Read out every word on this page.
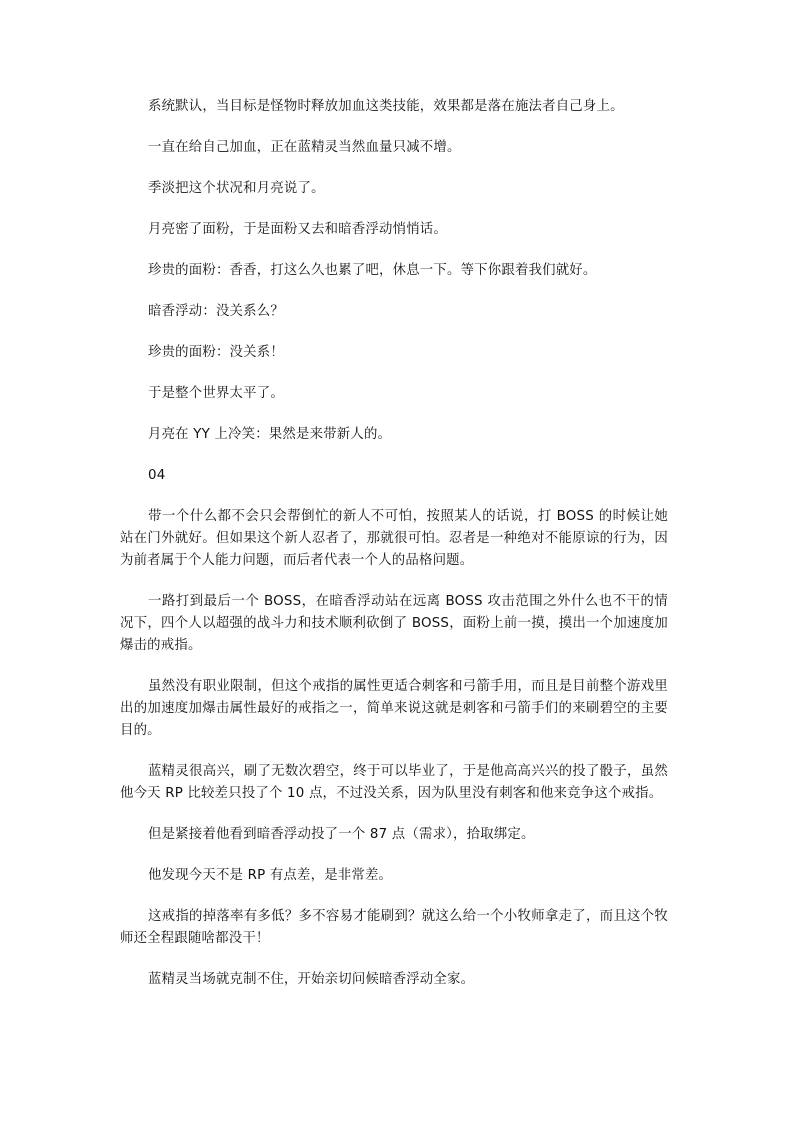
系统默认，当目标是怪物时释放加血这类技能，效果都是落在施法者自己身上。

一直在给自己加血，正在蓝精灵当然血量只减不增。

季淡把这个状况和月亮说了。

月亮密了面粉，于是面粉又去和暗香浮动悄悄话。

珍贵的面粉：香香，打这么久也累了吧，休息一下。等下你跟着我们就好。

暗香浮动：没关系么？

珍贵的面粉：没关系！

于是整个世界太平了。

月亮在 YY 上冷笑：果然是来带新人的。

04

带一个什么都不会只会帮倒忙的新人不可怕，按照某人的话说，打 BOSS 的时候让她站在门外就好。但如果这个新人忍者了，那就很可怕。忍者是一种绝对不能原谅的行为，因为前者属于个人能力问题，而后者代表一个人的品格问题。

一路打到最后一个 BOSS，在暗香浮动站在远离 BOSS 攻击范围之外什么也不干的情况下，四个人以超强的战斗力和技术顺利砍倒了 BOSS，面粉上前一摸，摸出一个加速度加爆击的戒指。

虽然没有职业限制，但这个戒指的属性更适合刺客和弓箭手用，而且是目前整个游戏里出的加速度加爆击属性最好的戒指之一，简单来说这就是刺客和弓箭手们的来刷碧空的主要目的。

蓝精灵很高兴，刷了无数次碧空，终于可以毕业了，于是他高高兴兴的投了骰子，虽然他今天 RP 比较差只投了个 10 点，不过没关系，因为队里没有刺客和他来竞争这个戒指。

但是紧接着他看到暗香浮动投了一个 87 点（需求），拾取绑定。

他发现今天不是 RP 有点差，是非常差。

这戒指的掉落率有多低？多不容易才能刷到？就这么给一个小牧师拿走了，而且这个牧师还全程跟随啥都没干！

蓝精灵当场就克制不住，开始亲切问候暗香浮动全家。
